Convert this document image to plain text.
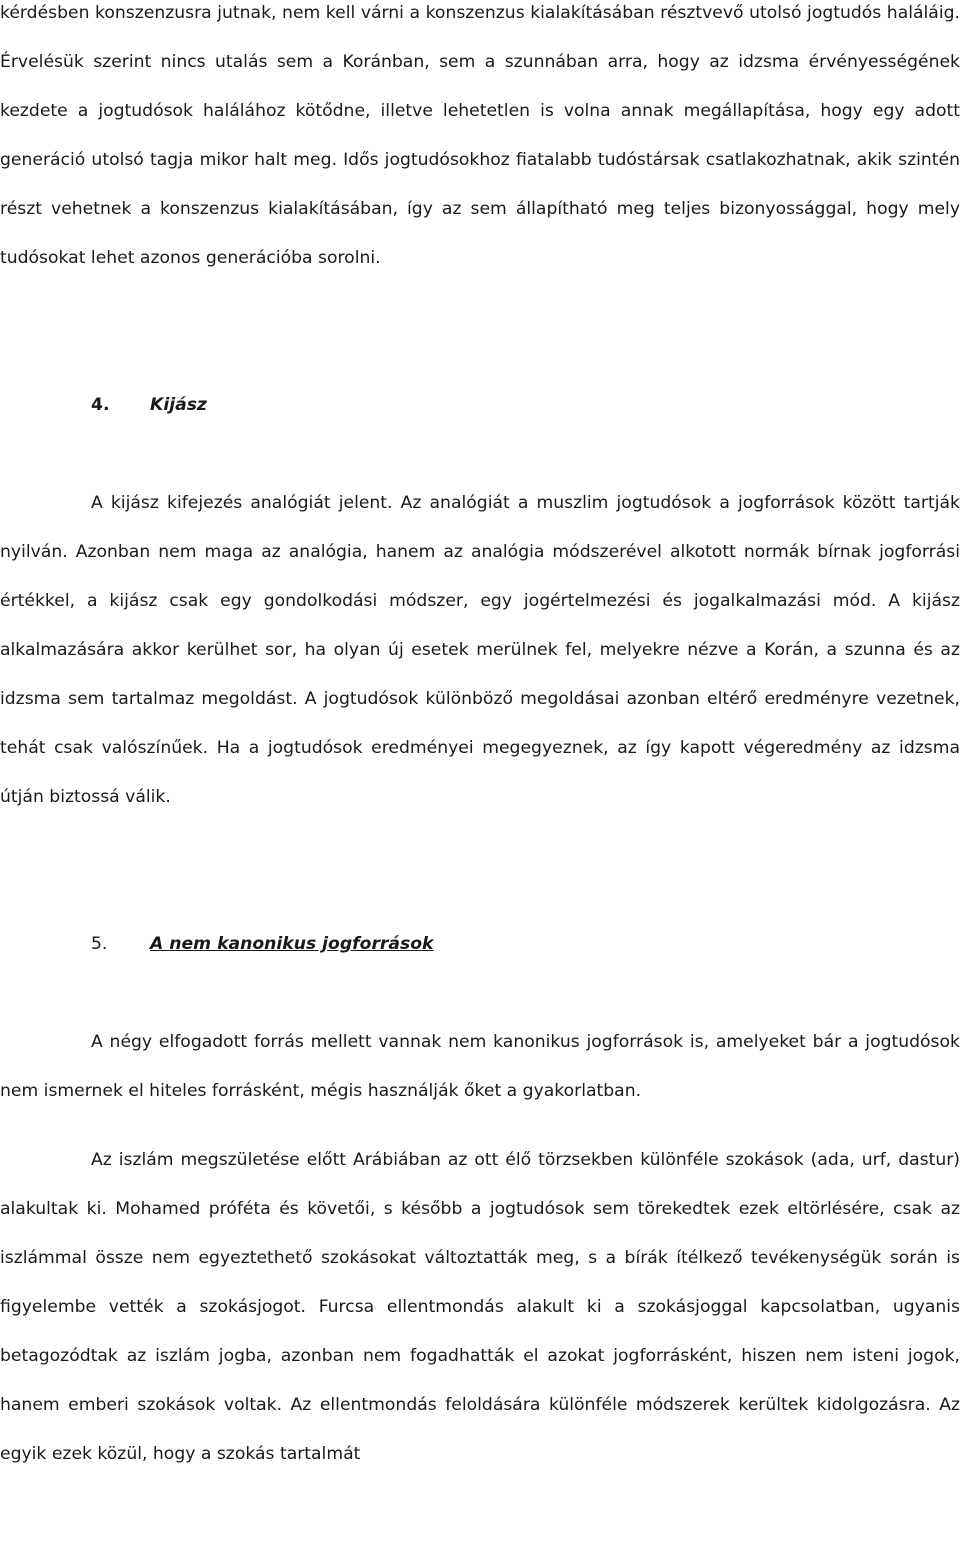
kérdésben konszenzusra jutnak, nem kell várni a konszenzus kialakításában résztvevő utolsó jogtudós haláláig. Érvelésük szerint nincs utalás sem a Koránban, sem a szunnában arra, hogy az idzsma érvényességének kezdete a jogtudósok halálához kötődne, illetve lehetetlen is volna annak megállapítása, hogy egy adott generáció utolsó tagja mikor halt meg. Idős jogtudósokhoz fiatalabb tudóstársak csatlakozhatnak, akik szintén részt vehetnek a konszenzus kialakításában, így az sem állapítható meg teljes bizonyossággal, hogy mely tudósokat lehet azonos generációba sorolni.

4. Kijász

A kijász kifejezés analógiát jelent. Az analógiát a muszlim jogtudósok a jogforrások között tartják nyilván. Azonban nem maga az analógia, hanem az analógia módszerével alkotott normák bírnak jogforrási értékkel, a kijász csak egy gondolkodási módszer, egy jogértelmezési és jogalkalmazási mód. A kijász alkalmazására akkor kerülhet sor, ha olyan új esetek merülnek fel, melyekre nézve a Korán, a szunna és az idzsma sem tartalmaz megoldást. A jogtudósok különböző megoldásai azonban eltérő eredményre vezetnek, tehát csak valószínűek. Ha a jogtudósok eredményei megegyeznek, az így kapott végeredmény az idzsma útján biztossá válik.

5. A nem kanonikus jogforrások

A négy elfogadott forrás mellett vannak nem kanonikus jogforrások is, amelyeket bár a jogtudósok nem ismernek el hiteles forrásként, mégis használják őket a gyakorlatban.

Az iszlám megszületése előtt Arábiában az ott élő törzsekben különféle szokások (ada, urf, dastur) alakultak ki. Mohamed próféta és követői, s később a jogtudósok sem törekedtek ezek eltörlésére, csak az iszlámmal össze nem egyeztethető szokásokat változtatták meg, s a bírák ítélkező tevékenységük során is figyelembe vették a szokásjogot. Furcsa ellentmondás alakult ki a szokásjoggal kapcsolatban, ugyanis betagozódtak az iszlám jogba, azonban nem fogadhatták el azokat jogforrásként, hiszen nem isteni jogok, hanem emberi szokások voltak. Az ellentmondás feloldására különféle módszerek kerültek kidolgozásra. Az egyik ezek közül, hogy a szokás tartalmát
